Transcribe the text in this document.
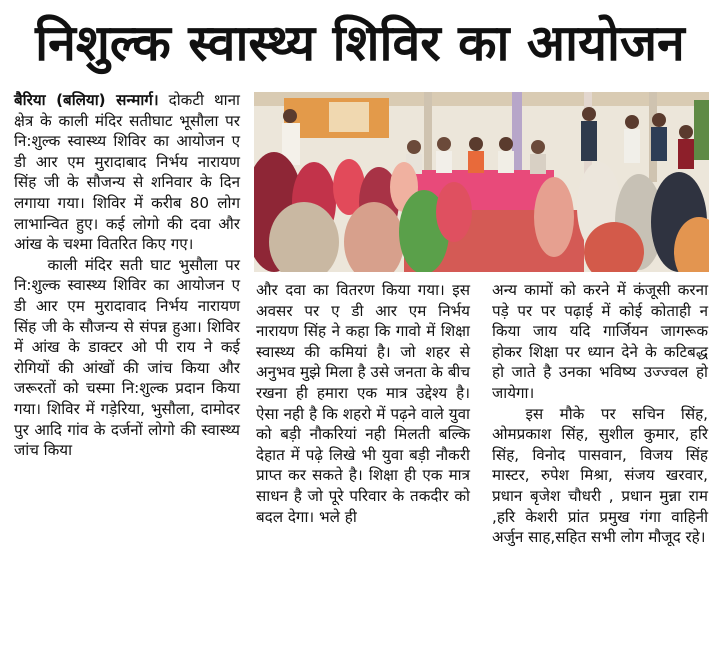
निशुल्क स्वास्थ्य शिविर का आयोजन

बैरिया (बलिया) सन्मार्ग। दोकटी थाना क्षेत्र के काली मंदिर सतीघाट भूसौला पर नि:शुल्क स्वास्थ्य शिविर का आयोजन ए डी आर एम मुरादाबाद निर्भय नारायण सिंह जी के सौजन्य से शनिवार के दिन लगाया गया। शिविर में करीब 80 लोग लाभान्वित हुए। कई लोगो की दवा और आंख के चश्मा वितरित किए गए।

काली मंदिर सती घाट भुसौला पर नि:शुल्क स्वास्थ्य शिविर का आयोजन ए डी आर एम मुरादावाद निर्भय नारायण सिंह जी के सौजन्य से संपन्न हुआ। शिविर में आंख के डाक्टर ओ पी राय ने कई रोगियों की आंखों की जांच किया और जरूरतों को चस्मा नि:शुल्क प्रदान किया गया। शिविर में गड़ेरिया, भुसौला, दामोदर पुर आदि गांव के दर्जनों लोगो की स्वास्थ्य जांच किया

और दवा का वितरण किया गया। इस अवसर पर ए डी आर एम निर्भय नारायण सिंह ने कहा कि गावो में शिक्षा स्वास्थ्य की कमियां है। जो शहर से अनुभव मुझे मिला है उसे जनता के बीच रखना ही हमारा एक मात्र उद्देश्य है। ऐसा नही है कि शहरो में पढ़ने वाले युवा को बड़ी नौकरियां नही मिलती बल्कि देहात में पढ़े लिखे भी युवा बड़ी नौकरी प्राप्त कर सकते है। शिक्षा ही एक मात्र साधन है जो पूरे परिवार के तकदीर को बदल देगा। भले ही

अन्य कामों को करने में कंजूसी करना पड़े पर पर पढ़ाई में कोई कोताही न किया जाय यदि गार्जियन जागरूक होकर शिक्षा पर ध्यान देने के कटिबद्ध हो जाते है उनका भविष्य उज्ज्वल हो जायेगा।

इस मौके पर सचिन सिंह, ओमप्रकाश सिंह, सुशील कुमार, हरि सिंह, विनोद पासवान, विजय सिंह मास्टर, रुपेश मिश्रा, संजय खरवार, प्रधान बृजेश चौधरी , प्रधान मुन्ना राम ,हरि केशरी प्रांत प्रमुख गंगा वाहिनी अर्जुन साह,सहित सभी लोग मौजूद रहे।
